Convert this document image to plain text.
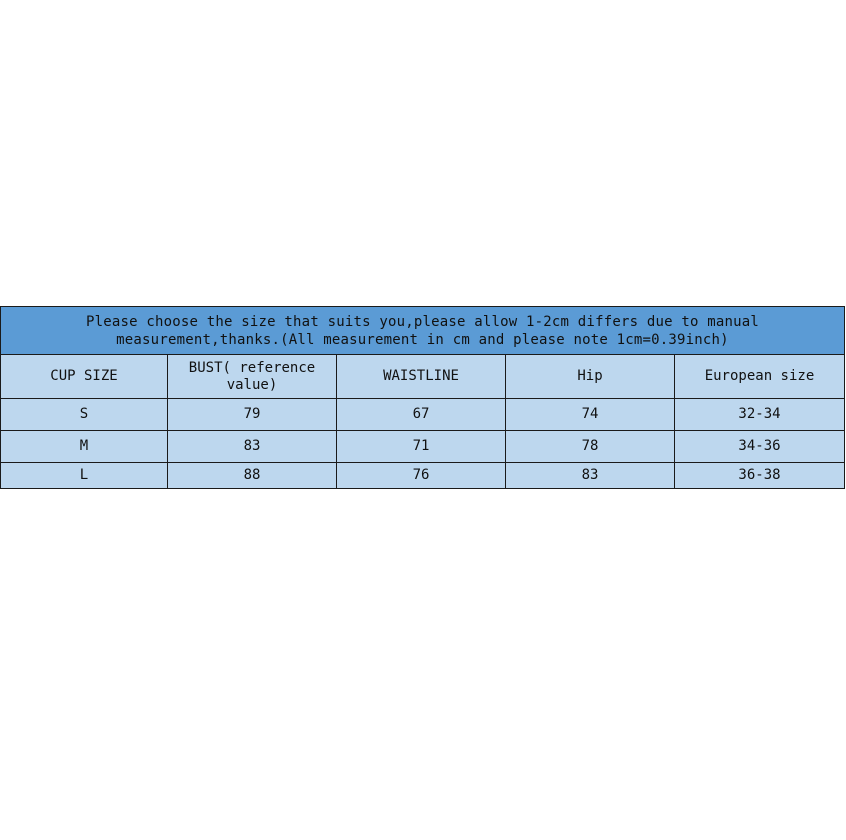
Please choose the size that suits you,please allow 1-2cm differs due to manual measurement,thanks.(All measurement in cm and please note 1cm=0.39inch)				
CUP SIZE	BUST( reference value)	WAISTLINE	Hip	European size
S	79	67	74	32-34
M	83	71	78	34-36
L	88	76	83	36-38
